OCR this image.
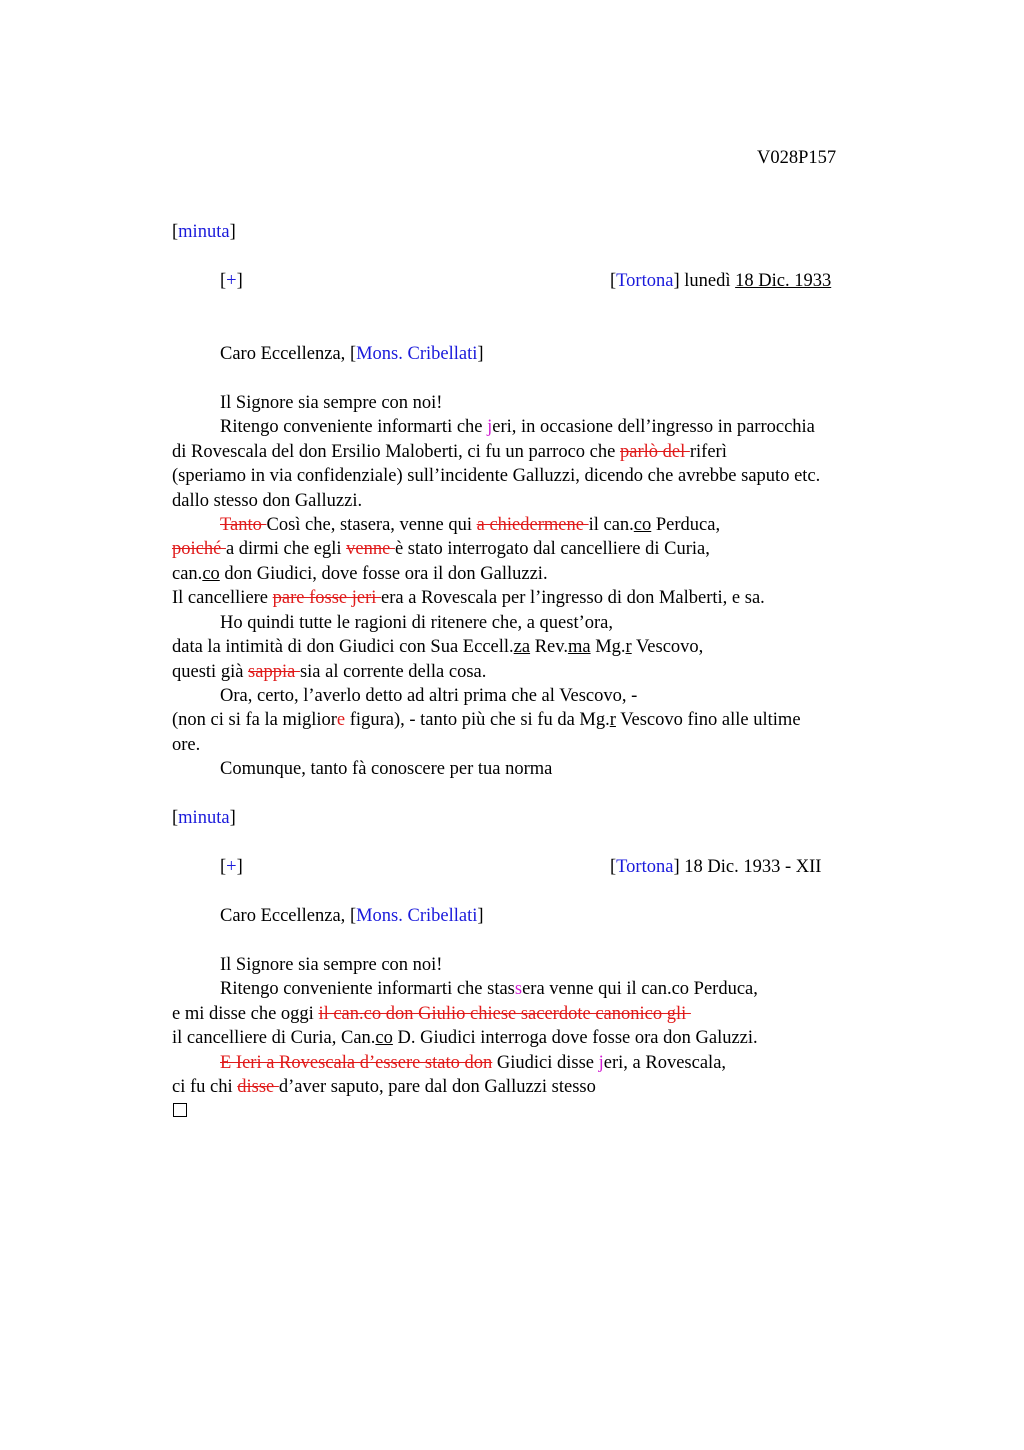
V028P157
[minuta]
[+]	[Tortona] lunedì 18 Dic. 1933
Caro Eccellenza, [Mons. Cribellati]
Il Signore sia sempre con noi!
Ritengo conveniente informarti che jeri, in occasione dell’ingresso in parrocchia
di Rovescala del don Ersilio Maloberti, ci fu un parroco che parlò del riferì
(speriamo in via confidenziale) sull’incidente Galluzzi, dicendo che avrebbe saputo etc.
dallo stesso don Galluzzi.
Tanto Così che, stasera, venne qui a chiedermene il can.co Perduca,
poiché a dirmi che egli venne è stato interrogato dal cancelliere di Curia,
can.co don Giudici, dove fosse ora il don Galluzzi.
Il cancelliere pare fosse jeri era a Rovescala per l’ingresso di don Malberti, e sa.
Ho quindi tutte le ragioni di ritenere che, a quest’ora,
data la intimità di don Giudici con Sua Eccell.za Rev.ma Mg.r Vescovo,
questi già sappia sia al corrente della cosa.
Ora, certo, l’averlo detto ad altri prima che al Vescovo, -
(non ci si fa la migliore figura), - tanto più che si fu da Mg.r Vescovo fino alle ultime
ore.
Comunque, tanto fà conoscere per tua norma
[minuta]
[+]	[Tortona] 18 Dic. 1933 - XII
Caro Eccellenza, [Mons. Cribellati]
Il Signore sia sempre con noi!
Ritengo conveniente informarti che stassera venne qui il can.co Perduca,
e mi disse che oggi il can.co don Giulio chiese sacerdote canonico gli
il cancelliere di Curia, Can.co D. Giudici interroga dove fosse ora don Galuzzi.
E Ieri a Rovescala d’essere stato don Giudici disse jeri, a Rovescala,
ci fu chi disse d’aver saputo, pare dal don Galluzzi stesso
